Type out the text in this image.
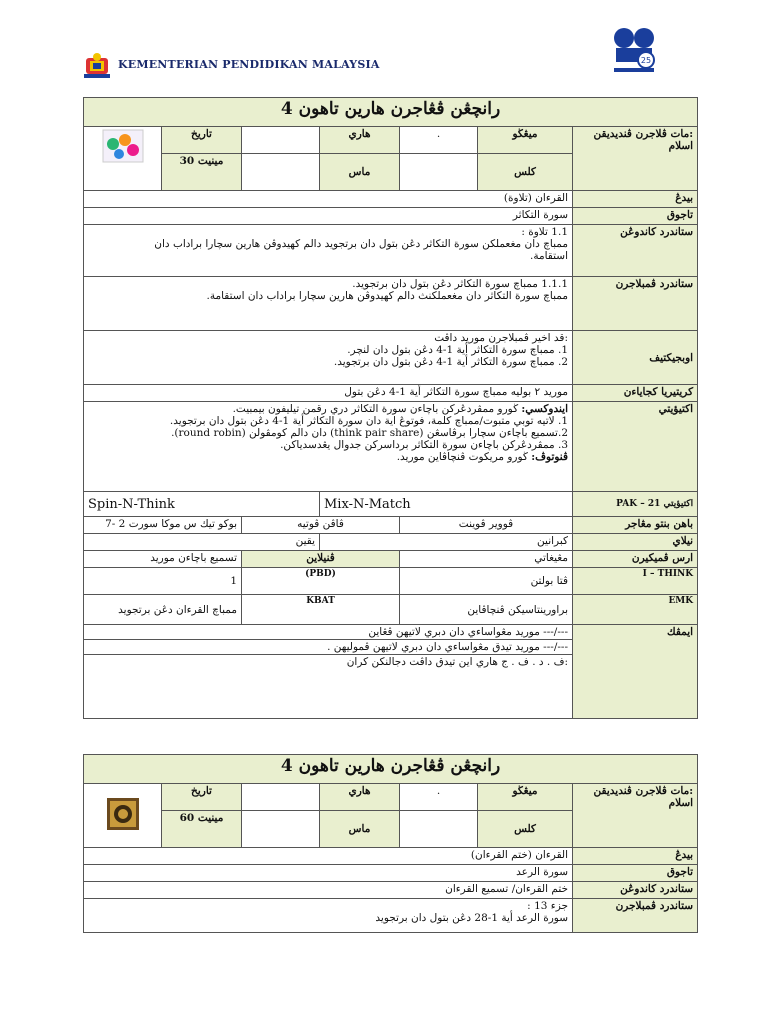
KEMENTERIAN PENDIDIKAN MALAYSIA	25
رانچڠن ڤڠاجرن هارين تاهون 4						

	تاريخ		هاري	.	ميڠڬو	:مات ڤلاجرن ڤنديديقن اسلام
	30 مينيت		ماس		كلس	
القرءان (تلاوة)						بيدڠ
سورة التكاثر						تاجوق

1.1 تلاوة :
ممباچ دان مغعملكن سورة التكاثر دڠن بتول دان برتجويد دالم كهيدوڤن هارين سچارا براداب دان
استقامة.						ستاندرد كاندوڠن

1.1.1 ممباچ سورة التكاثر دڠن بتول دان برتجويد.
ممباچ سورة التكاثر دان مغعملكنث دالم كهيدوڤن هارين سچارا براداب دان استقامة.						ستاندرد ڤمبلاجرن

:قد اخير ڤمبلاجرن موريد داڤت
1. ممباچ سورة التكاثر أية 1-4 دڠن بتول دان لنچر.
2. ممباچ سورة التكاثر أية 1-4 دڠن بتول دان برتجويد.						اوبجيكتيف
موريد ٢ بوليه ممباچ سورة التكاثر أية 1-4 دڠن بتول						كريتيريا كجاياءن

ايندوكسي: ڬورو ممڤردڠركن باچاءن سورة التكاثر دري رقمن تيليفون بيمبيت.
1. لاتيه توبي متبوت/ممباچ كلمة، فوتوڠ اية دان سورة التكاثر أية 1-4 دڠن بتول دان برتجويد.
2.تسميع باچاءن سچارا برڤاسڠن (think pair share) دان دالم كومڤولن (round robin).
3. ممڤردڠركن باچاءن سورة التكاثر برداسركن جدوال يڠدسدياكن.
ڤنوتوڤ: ڬورو مريكوت ڤنچاڤاين موريد.						اكتيؤيتي
Spin-N-Think			Mix-N-Match			اكتيؤيتي PAK – 21
بوكو تيك س موكا سورت 2 -7		ڤاڤن ڤوتيه		ڤووير ڤوينت		باهن بنتو مڠاجر
يقين			كبرانين			نيلاي
تسميع باچاءن موريد		ڤنيلاين		مڠيغاتي		ارس ڤميكيرن
1		(PBD)		ڤتا بولتن		I – THINK
ممباچ القرءان دڠن برتجويد		KBAT		براورينتاسيكن ڤنچاڤاين		EMK

---/--- موريد مڠواساءي دان دبري لاتيهن ڤڠاين
---/--- موريد تيدق مڠواساءي دان دبري لاتيهن ڤموليهن .
:ف . د . ف . ج هاري اين تيدق داڤت دجالنكن كران						ايمڤك
رانچڠن ڤڠاجرن هارين تاهون 4						
	تاريخ		هاري	.	ميڠڬو	:مات ڤلاجرن ڤنديديقن اسلام
	60 مينيت		ماس		كلس	
القرءان (ختم القرءان)						بيدڠ
سورة الرعد						تاجوق
ختم القرءان/ تسميع القرءان						ستاندرد كاندوڠن

جزء 13 :
سورة الرعد أية 1-28 دڠن بتول دان برتجويد						ستاندرد ڤمبلاجرن
